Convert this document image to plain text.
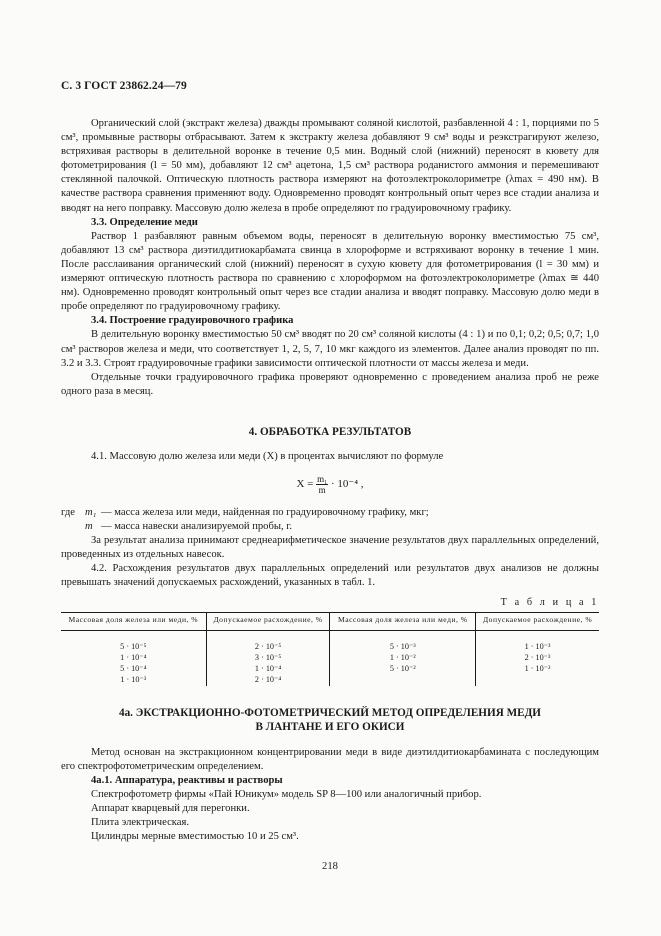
С. 3 ГОСТ 23862.24—79

Органический слой (экстракт железа) дважды промывают соляной кислотой, разбавленной 4 : 1, порциями по 5 см³, промывные растворы отбрасывают. Затем к экстракту железа добавляют 9 см³ воды и реэкстрагируют железо, встряхивая растворы в делительной воронке в течение 0,5 мин. Водный слой (нижний) переносят в кювету для фотометрирования (l = 50 мм), добавляют 12 см³ ацетона, 1,5 см³ раствора роданистого аммония и перемешивают стеклянной палочкой. Оптическую плотность раствора измеряют на фотоэлектроколориметре (λmax = 490 нм). В качестве раствора сравнения применяют воду. Одновременно проводят контрольный опыт через все стадии анализа и вводят на него поправку. Массовую долю железа в пробе определяют по градуировочному графику.

3.3. Определение меди

Раствор 1 разбавляют равным объемом воды, переносят в делительную воронку вместимостью 75 см³, добавляют 13 см³ раствора диэтилдитиокарбамата свинца в хлороформе и встряхивают воронку в течение 1 мин. После расслаивания органический слой (нижний) переносят в сухую кювету для фотометрирования (l = 30 мм) и измеряют оптическую плотность раствора по сравнению с хлороформом на фотоэлектроколориметре (λmax ≅ 440 нм). Одновременно проводят контрольный опыт через все стадии анализа и вводят поправку. Массовую долю меди в пробе определяют по градуировочному графику.

3.4. Построение градуировочного графика

В делительную воронку вместимостью 50 см³ вводят по 20 см³ соляной кислоты (4 : 1) и по 0,1; 0,2; 0,5; 0,7; 1,0 см³ растворов железа и меди, что соответствует 1, 2, 5, 7, 10 мкг каждого из элементов. Далее анализ проводят по пп. 3.2 и 3.3. Строят градуировочные графики зависимости оптической плотности от массы железа и меди.

Отдельные точки градуировочного графика проверяют одновременно с проведением анализа проб не реже одного раза в месяц.

4. ОБРАБОТКА РЕЗУЛЬТАТОВ

4.1. Массовую долю железа или меди (X) в процентах вычисляют по формуле

$X = \frac{\text{m₁}}{m} \cdot 10^{-4}$ ,
где	m₁	— масса железа или меди, найденная по градуировочному графику, мкг;
	m	— масса навески анализируемой пробы, г.

За результат анализа принимают среднеарифметическое значение результатов двух параллельных определений, проведенных из отдельных навесок.

4.2. Расхождения результатов двух параллельных определений или результатов двух анализов не должны превышать значений допускаемых расхождений, указанных в табл. 1.

Т а б л и ц а 1
Массовая доля железа или меди, %	Допускаемое расхождение, %	Массовая доля железа или меди, %	Допускаемое расхождение, %
5 · 10⁻⁵	2 · 10⁻⁵	5 · 10⁻³	1 · 10⁻³
1 · 10⁻⁴	3 · 10⁻⁵	1 · 10⁻²	2 · 10⁻³
5 · 10⁻⁴	1 · 10⁻⁴	5 · 10⁻²	1 · 10⁻²
1 · 10⁻³	2 · 10⁻⁴		
4а. ЭКСТРАКЦИОННО-ФОТОМЕТРИЧЕСКИЙ МЕТОД ОПРЕДЕЛЕНИЯ МЕДИ
В ЛАНТАНЕ И ЕГО ОКИСИ

Метод основан на экстракционном концентрировании меди в виде диэтилдитиокарбамината с последующим его спектрофотометрическим определением.

4а.1. Аппаратура, реактивы и растворы

Спектрофотометр фирмы «Пай Юникум» модель SP 8—100 или аналогичный прибор.

Аппарат кварцевый для перегонки.

Плита электрическая.

Цилиндры мерные вместимостью 10 и 25 см³.

218
